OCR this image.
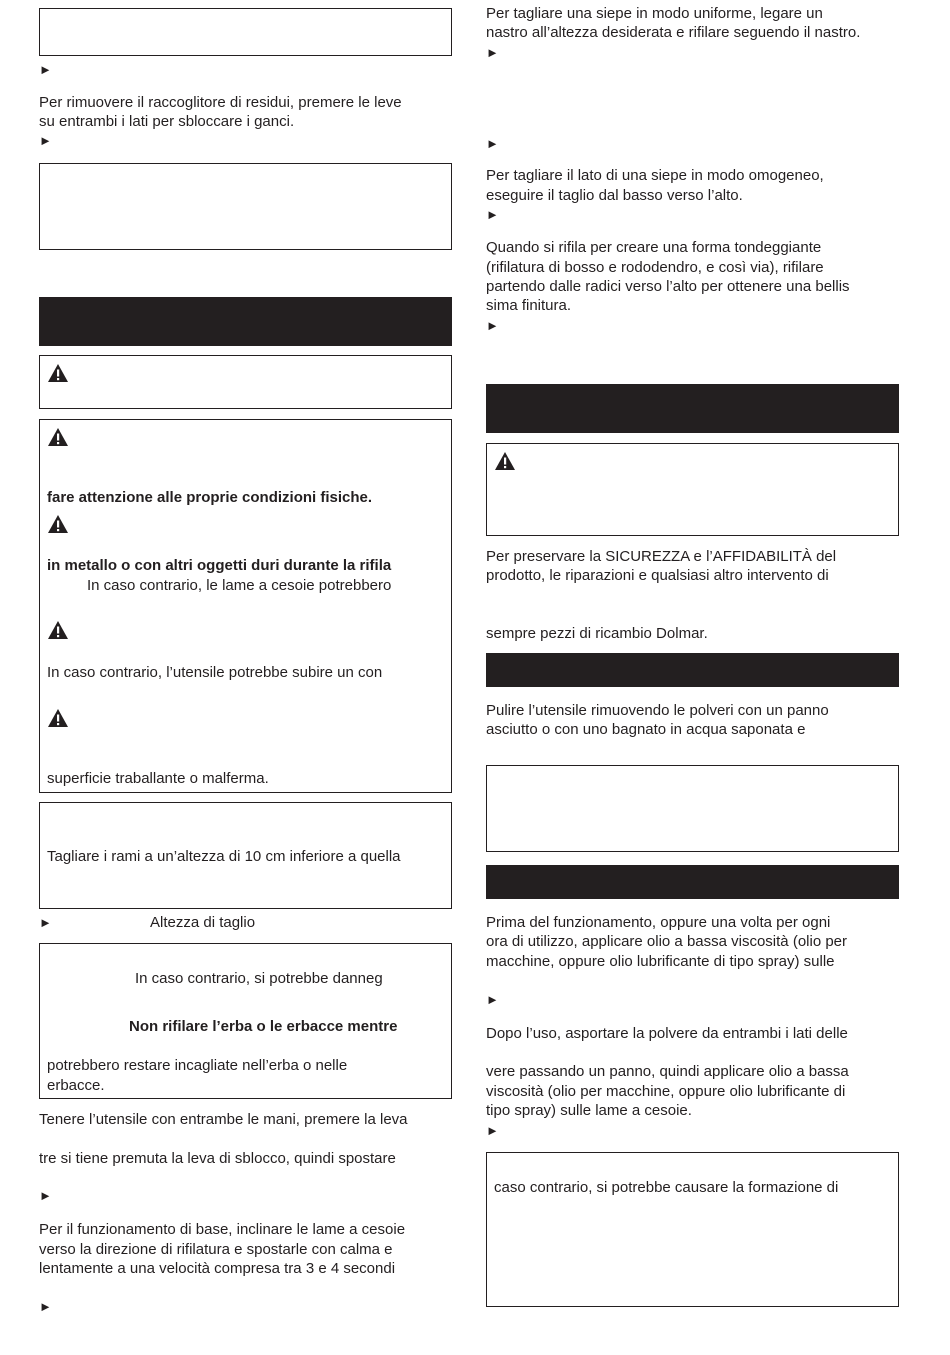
►
Per rimuovere il raccoglitore di residui, premere le leve
su entrambi i lati per sbloccare i ganci.
►
fare attenzione alle proprie condizioni fisiche.
in metallo o con altri oggetti duri durante la rifila
In caso contrario, le lame a cesoie potrebbero
In caso contrario, l’utensile potrebbe subire un con
superficie traballante o malferma.
Tagliare i rami a un’altezza di 10 cm inferiore a quella
►	Altezza di taglio
In caso contrario, si potrebbe danneg
Non rifilare l’erba o le erbacce mentre
potrebbero restare incagliate nell’erba o nelle
erbacce.
Tenere l’utensile con entrambe le mani, premere la leva
tre si tiene premuta la leva di sblocco, quindi spostare
►
Per il funzionamento di base, inclinare le lame a cesoie
verso la direzione di rifilatura e spostarle con calma e
lentamente a una velocità compresa tra 3 e 4 secondi
►
Per tagliare una siepe in modo uniforme, legare un
nastro all’altezza desiderata e rifilare seguendo il nastro.
►
►
Per tagliare il lato di una siepe in modo omogeneo,
eseguire il taglio dal basso verso l’alto.
►
Quando si rifila per creare una forma tondeggiante
(rifilatura di bosso e rododendro, e così via), rifilare
partendo dalle radici verso l’alto per ottenere una bellis
sima finitura.
►
Per preservare la SICUREZZA e l’AFFIDABILITÀ del
prodotto, le riparazioni e qualsiasi altro intervento di
sempre pezzi di ricambio Dolmar.
Pulire l’utensile rimuovendo le polveri con un panno
asciutto o con uno bagnato in acqua saponata e
Prima del funzionamento, oppure una volta per ogni
ora di utilizzo, applicare olio a bassa viscosità (olio per
macchine, oppure olio lubrificante di tipo spray) sulle
►
Dopo l’uso, asportare la polvere da entrambi i lati delle
vere passando un panno, quindi applicare olio a bassa
viscosità (olio per macchine, oppure olio lubrificante di
tipo spray) sulle lame a cesoie.
►
caso contrario, si potrebbe causare la formazione di
